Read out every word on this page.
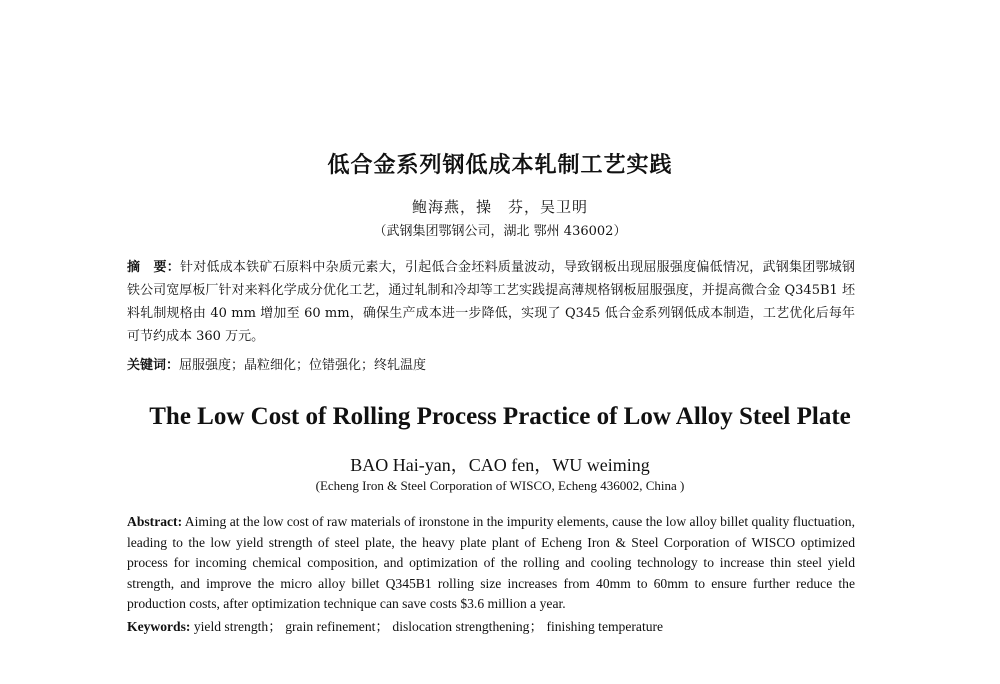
低合金系列钢低成本轧制工艺实践
鲍海燕，操　芬，吴卫明
（武钢集团鄂钢公司，湖北 鄂州 436002）
摘　要：针对低成本铁矿石原料中杂质元素大，引起低合金坯料质量波动，导致钢板出现屈服强度偏低情况，武钢集团鄂城钢铁公司宽厚板厂针对来料化学成分优化工艺，通过轧制和冷却等工艺实践提高薄规格钢板屈服强度，并提高微合金 Q345B1 坯料轧制规格由 40 mm 增加至 60 mm，确保生产成本进一步降低，实现了 Q345 低合金系列钢低成本制造，工艺优化后每年可节约成本 360 万元。
关键词：屈服强度；晶粒细化；位错强化；终轧温度
The Low Cost of Rolling Process Practice of Low Alloy Steel Plate
BAO Hai-yan，CAO fen，WU weiming
(Echeng Iron & Steel Corporation of WISCO, Echeng 436002, China )
Abstract: Aiming at the low cost of raw materials of ironstone in the impurity elements, cause the low alloy billet quality fluctuation, leading to the low yield strength of steel plate, the heavy plate plant of Echeng Iron & Steel Corporation of WISCO optimized process for incoming chemical composition, and optimization of the rolling and cooling technology to increase thin steel yield strength, and improve the micro alloy billet Q345B1 rolling size increases from 40mm to 60mm to ensure further reduce the production costs, after optimization technique can save costs $3.6 million a year.
Keywords: yield strength； grain refinement； dislocation strengthening； finishing temperature
